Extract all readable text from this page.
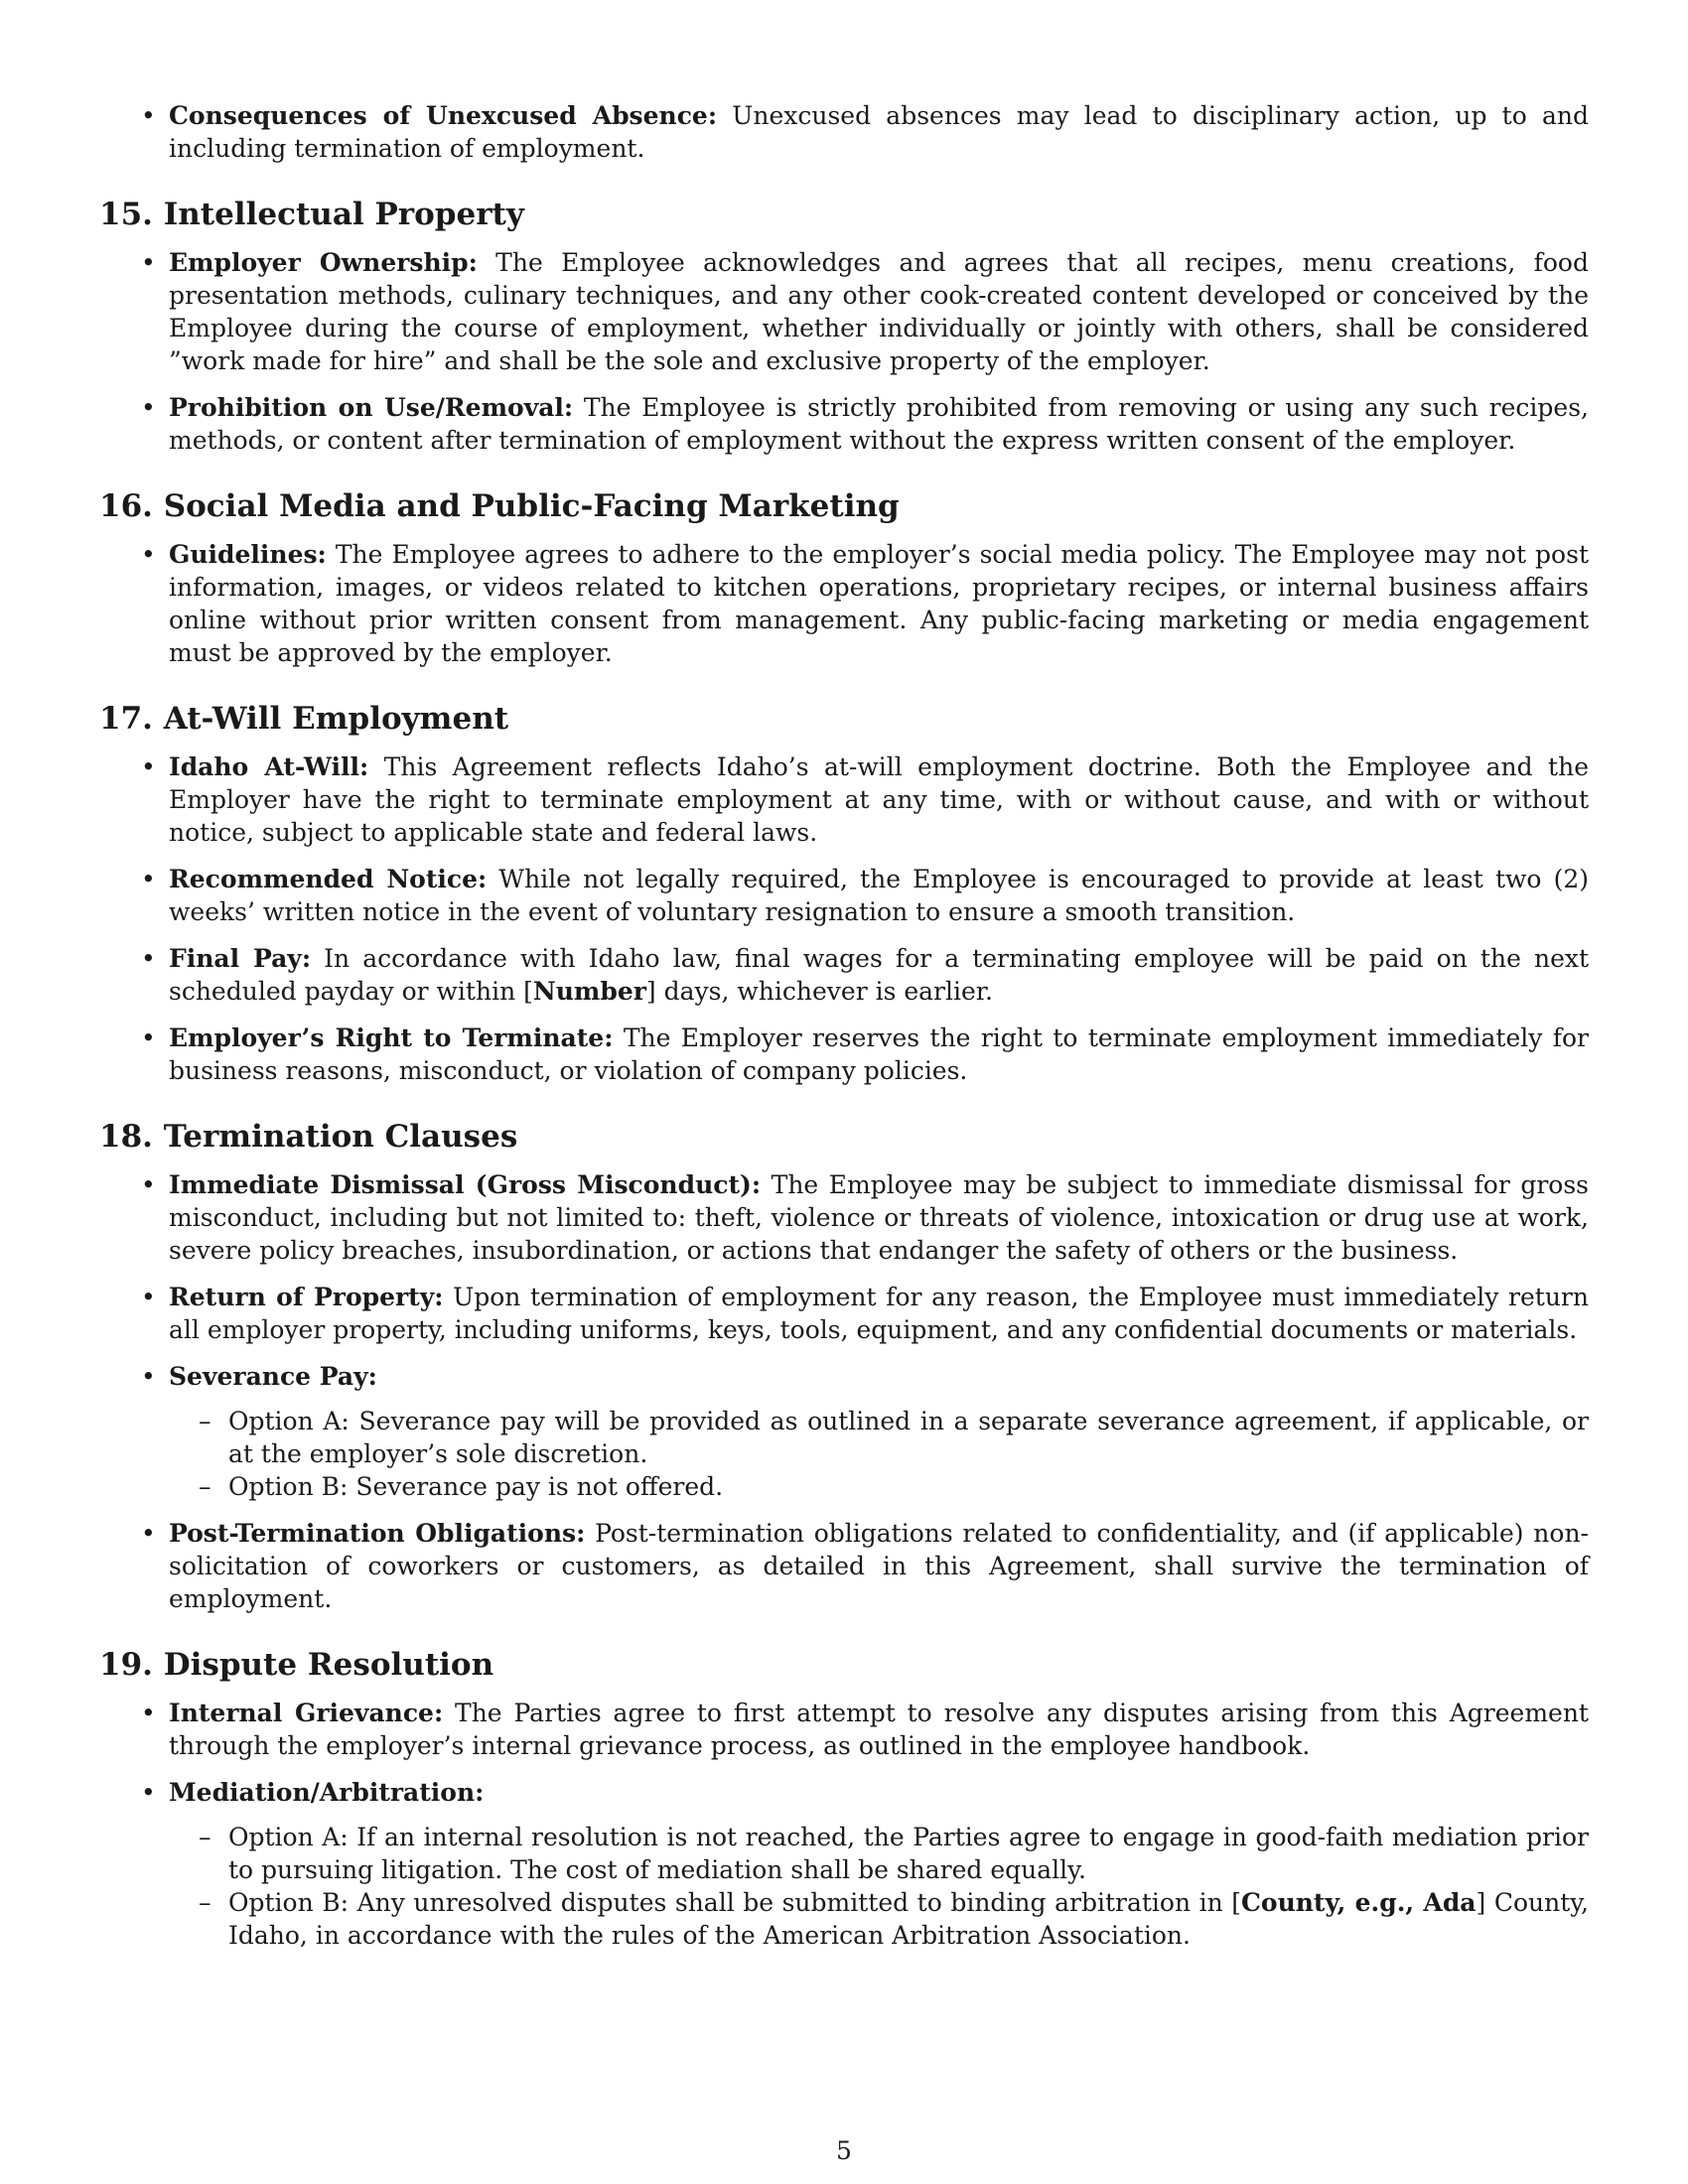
• Consequences of Unexcused Absence: Unexcused absences may lead to disciplinary action, up to and including termination of employment.
15. Intellectual Property
• Employer Ownership: The Employee acknowledges and agrees that all recipes, menu creations, food presentation methods, culinary techniques, and any other cook-created content developed or conceived by the Employee during the course of employment, whether individually or jointly with others, shall be considered ”work made for hire” and shall be the sole and exclusive property of the employer.
• Prohibition on Use/Removal: The Employee is strictly prohibited from removing or using any such recipes, methods, or content after termination of employment without the express written consent of the employer.
16. Social Media and Public-Facing Marketing
• Guidelines: The Employee agrees to adhere to the employer’s social media policy. The Employee may not post information, images, or videos related to kitchen operations, proprietary recipes, or internal business affairs online without prior written consent from management. Any public-facing marketing or media engagement must be approved by the employer.
17. At-Will Employment
• Idaho At-Will: This Agreement reflects Idaho’s at-will employment doctrine. Both the Employee and the Employer have the right to terminate employment at any time, with or without cause, and with or without notice, subject to applicable state and federal laws.
• Recommended Notice: While not legally required, the Employee is encouraged to provide at least two (2) weeks’ written notice in the event of voluntary resignation to ensure a smooth transition.
• Final Pay: In accordance with Idaho law, final wages for a terminating employee will be paid on the next scheduled payday or within [Number] days, whichever is earlier.
• Employer’s Right to Terminate: The Employer reserves the right to terminate employment immediately for business reasons, misconduct, or violation of company policies.
18. Termination Clauses
• Immediate Dismissal (Gross Misconduct): The Employee may be subject to immediate dismissal for gross misconduct, including but not limited to: theft, violence or threats of violence, intoxication or drug use at work, severe policy breaches, insubordination, or actions that endanger the safety of others or the business.
• Return of Property: Upon termination of employment for any reason, the Employee must immediately return all employer property, including uniforms, keys, tools, equipment, and any confidential documents or materials.
• Severance Pay:
– Option A: Severance pay will be provided as outlined in a separate severance agreement, if applicable, or at the employer’s sole discretion.
– Option B: Severance pay is not offered.
• Post-Termination Obligations: Post-termination obligations related to confidentiality, and (if applicable) non-solicitation of coworkers or customers, as detailed in this Agreement, shall survive the termination of employment.
19. Dispute Resolution
• Internal Grievance: The Parties agree to first attempt to resolve any disputes arising from this Agreement through the employer’s internal grievance process, as outlined in the employee handbook.
• Mediation/Arbitration:
– Option A: If an internal resolution is not reached, the Parties agree to engage in good-faith mediation prior to pursuing litigation. The cost of mediation shall be shared equally.
– Option B: Any unresolved disputes shall be submitted to binding arbitration in [County, e.g., Ada] County, Idaho, in accordance with the rules of the American Arbitration Association.
5
